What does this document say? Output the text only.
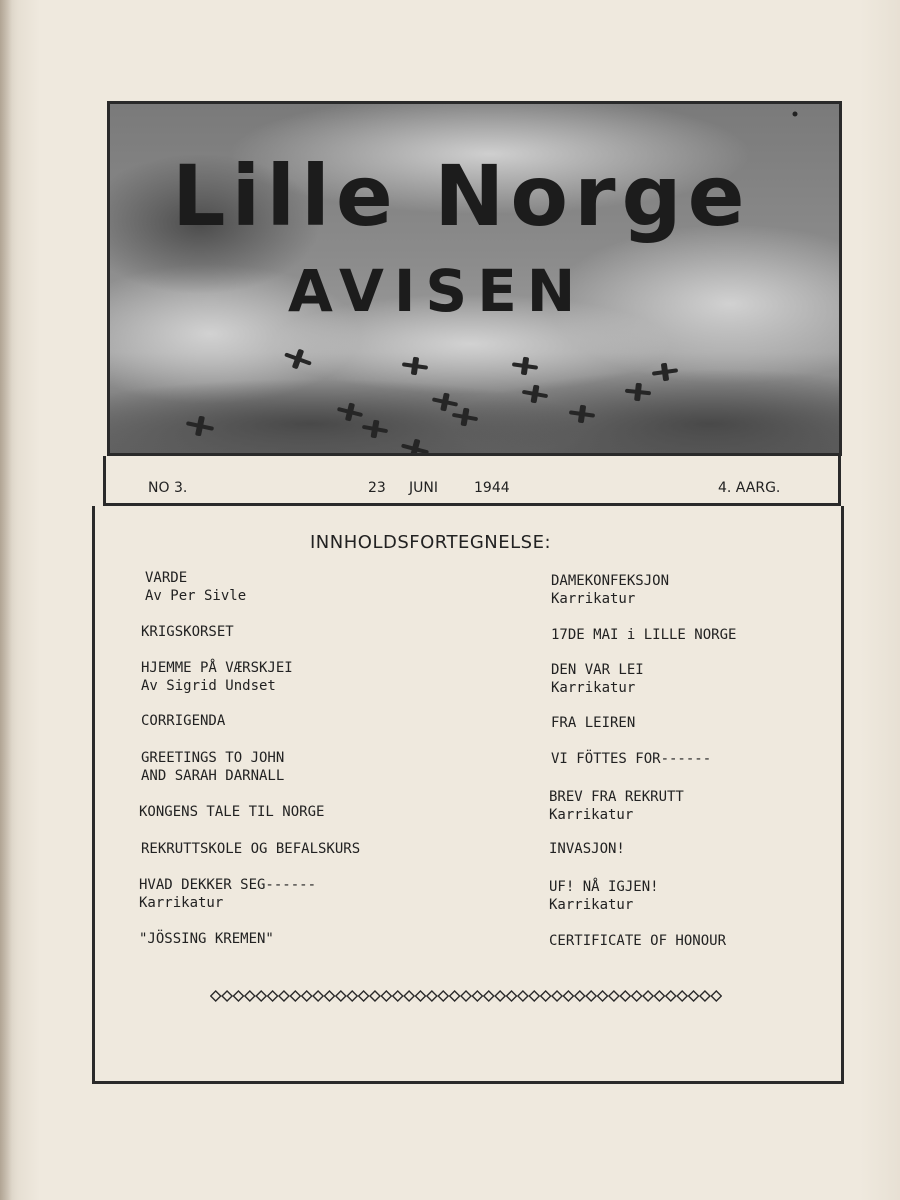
Lille Norge
AVISEN
NO 3.	23 JUNI	1944	4. AARG.
INNHOLDSFORTEGNELSE:
VARDE
Av Per Sivle
KRIGSKORSET
HJEMME PÅ VÆRSKJEI
Av Sigrid Undset
CORRIGENDA
GREETINGS TO JOHN
AND SARAH DARNALL
KONGENS TALE TIL NORGE
REKRUTTSKOLE OG BEFALSKURS
HVAD DEKKER SEG------
Karrikatur
"JÖSSING KREMEN"
DAMEKONFEKSJON
Karrikatur
17DE MAI i LILLE NORGE
DEN VAR LEI
Karrikatur
FRA LEIREN
VI FÖTTES FOR------
BREV FRA REKRUTT
Karrikatur
INVASJON!
UF! NÅ IGJEN!
Karrikatur
CERTIFICATE OF HONOUR
